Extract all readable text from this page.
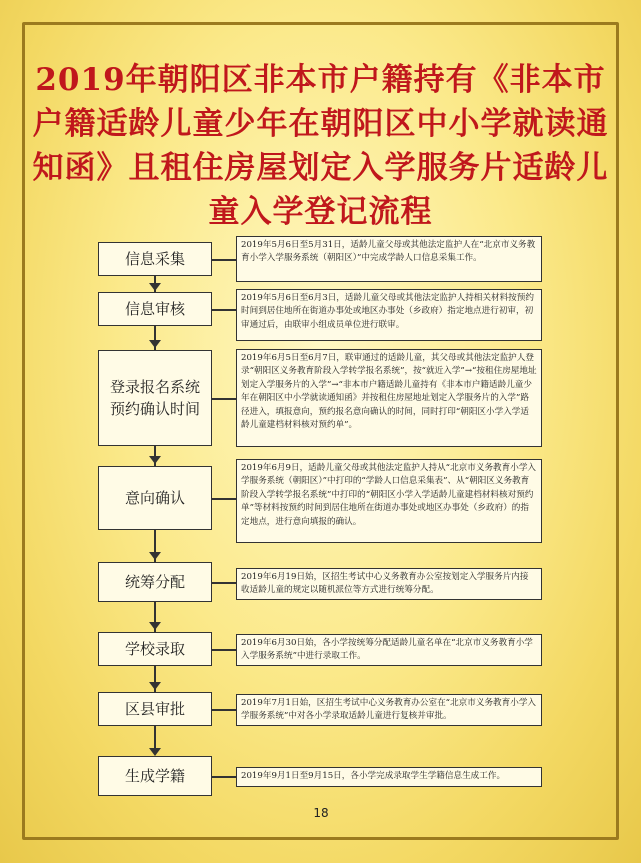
2019年朝阳区非本市户籍持有《非本市户籍适龄儿童少年在朝阳区中小学就读通知函》且租住房屋划定入学服务片适龄儿童入学登记流程
信息采集
2019年5月6日至5月31日，适龄儿童父母或其他法定监护人在“北京市义务教育小学入学服务系统（朝阳区）”中完成学龄人口信息采集工作。
信息审核
2019年5月6日至6月3日，适龄儿童父母或其他法定监护人持相关材料按预约时间到居住地所在街道办事处或地区办事处（乡政府）指定地点进行初审，初审通过后，由联审小组成员单位进行联审。
登录报名系统
预约确认时间
2019年6月5日至6月7日，联审通过的适龄儿童，其父母或其他法定监护人登录“朝阳区义务教育阶段入学转学报名系统”，按“就近入学”→“按租住房屋地址划定入学服务片的入学”→“非本市户籍适龄儿童持有《非本市户籍适龄儿童少年在朝阳区中小学就读通知函》并按租住房屋地址划定入学服务片的入学”路径进入，填报意向，预约报名意向确认的时间，同时打印“朝阳区小学入学适龄儿童建档材料核对预约单”。
意向确认
2019年6月9日，适龄儿童父母或其他法定监护人持从“北京市义务教育小学入学服务系统（朝阳区）”中打印的“学龄人口信息采集表”、从“朝阳区义务教育阶段入学转学报名系统”中打印的“朝阳区小学入学适龄儿童建档材料核对预约单”等材料按预约时间到居住地所在街道办事处或地区办事处（乡政府）的指定地点，进行意向填报的确认。
统筹分配	2019年6月19日始，区招生考试中心义务教育办公室按划定入学服务片内接收适龄儿童的规定以随机派位等方式进行统筹分配。
学校录取	2019年6月30日始，各小学按统筹分配适龄儿童名单在“北京市义务教育小学入学服务系统”中进行录取工作。
区县审批	2019年7月1日始，区招生考试中心义务教育办公室在“北京市义务教育小学入学服务系统”中对各小学录取适龄儿童进行复核并审批。
生成学籍	2019年9月1日至9月15日，各小学完成录取学生学籍信息生成工作。
18
